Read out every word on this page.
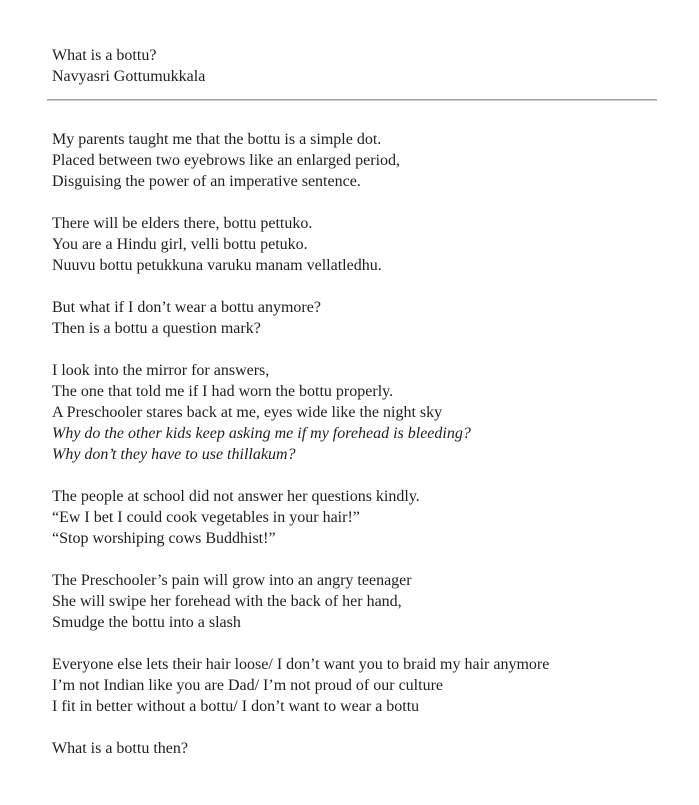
What is a bottu?
Navyasri Gottumukkala
My parents taught me that the bottu is a simple dot.
Placed between two eyebrows like an enlarged period,
Disguising the power of an imperative sentence.
There will be elders there, bottu pettuko.
You are a Hindu girl, velli bottu petuko.
Nuuvu bottu petukkuna varuku manam vellatledhu.
But what if I don’t wear a bottu anymore?
Then is a bottu a question mark?
I look into the mirror for answers,
The one that told me if I had worn the bottu properly.
A Preschooler stares back at me, eyes wide like the night sky
Why do the other kids keep asking me if my forehead is bleeding?
Why don’t they have to use thillakum?
The people at school did not answer her questions kindly.
“Ew I bet I could cook vegetables in your hair!”
“Stop worshiping cows Buddhist!”
The Preschooler’s pain will grow into an angry teenager
She will swipe her forehead with the back of her hand,
Smudge the bottu into a slash
Everyone else lets their hair loose/ I don’t want you to braid my hair anymore
I’m not Indian like you are Dad/ I’m not proud of our culture
I fit in better without a bottu/ I don’t want to wear a bottu
What is a bottu then?
